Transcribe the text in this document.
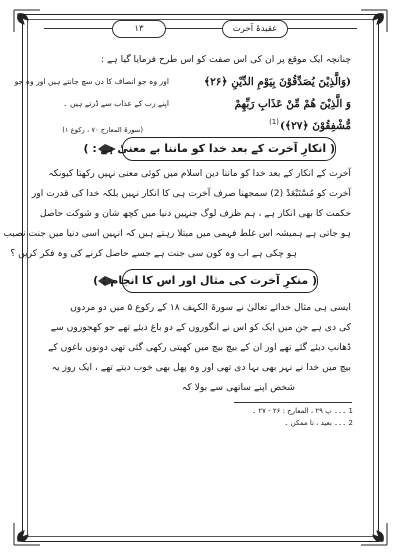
۱۳	عقیدۂ آخرت
چنانچہ ایک موقع پر ان کی اس صفت کو اس طرح فرمایا گیا ہے :
(وَالَّذِیْنَ یُصَدِّقُوْنَ بِیَوْمِ الدِّیْنِ ﴿۲۶﴾
اور وہ جو انصاف کا دن سچ جانتے ہیں اور وہ جو
وَ الَّذِیْنَ ھُمْ مِّنْ عَذَابِ رَبِّھِمْ
اپنے رب کے عذاب سے ڈرتے ہیں ۔
مُّشْفِقُوْنَ ﴿۲۷﴾)
(1)
(سورۃ المعارج ۷۰ ، رکوع ۱)
( انکارِ آخرت کے بعد خدا کو ماننا بے معنیٰ ہے : )
آخرت کے انکار کے بعد خدا کو ماننا دین اسلام میں کوئی معنی نہیں رکھتا کیونکہ
آخرت کو مُسْتَبْعَدْ (2) سمجھنا صرف آخرت ہی کا انکار نہیں بلکہ خدا کی قدرت اور
حکمت کا بھی انکار ہے ، ہم ظرف لوگ جنہیں دنیا میں کچھ شان و شوکت حاصل
ہو جاتی ہے ہمیشہ اس غلط فہمی میں مبتلا رہتے ہیں کہ انہیں اسی دنیا میں جنت نصیب
ہو چکی ہے اب وہ کون سی جنت ہے جسے حاصل کرنے کی وہ فکر کریں ؟
( منکرِ آخرت کی مثال اور اس کا انجام : )
ایسی ہی مثال خدائے تعالیٰ نے سورۃ الکہف ۱۸ کے رکوع ۵ میں دو مردوں
کی دی ہے جن میں ایک کو اس نے انگوروں کے دو باغ دیئے تھے جو کھجوروں سے
ڈھانپ دیئے گئے تھے اور ان کے بیچ بیچ میں کھیتی رکھی گئی تھی دونوں باغوں کے
بیچ میں خدا نے نہر بھی بہا دی تھی اور وہ پھل بھی خوب دیتے تھے ، ایک روز یہ
شخص اپنے ساتھی سے بولا کہ
1 ۔۔۔ پ ۲۹ ، المعارج : ۲۶ - ۲۷ ۔
2 ۔۔۔ بعید ، نا ممکن ۔
